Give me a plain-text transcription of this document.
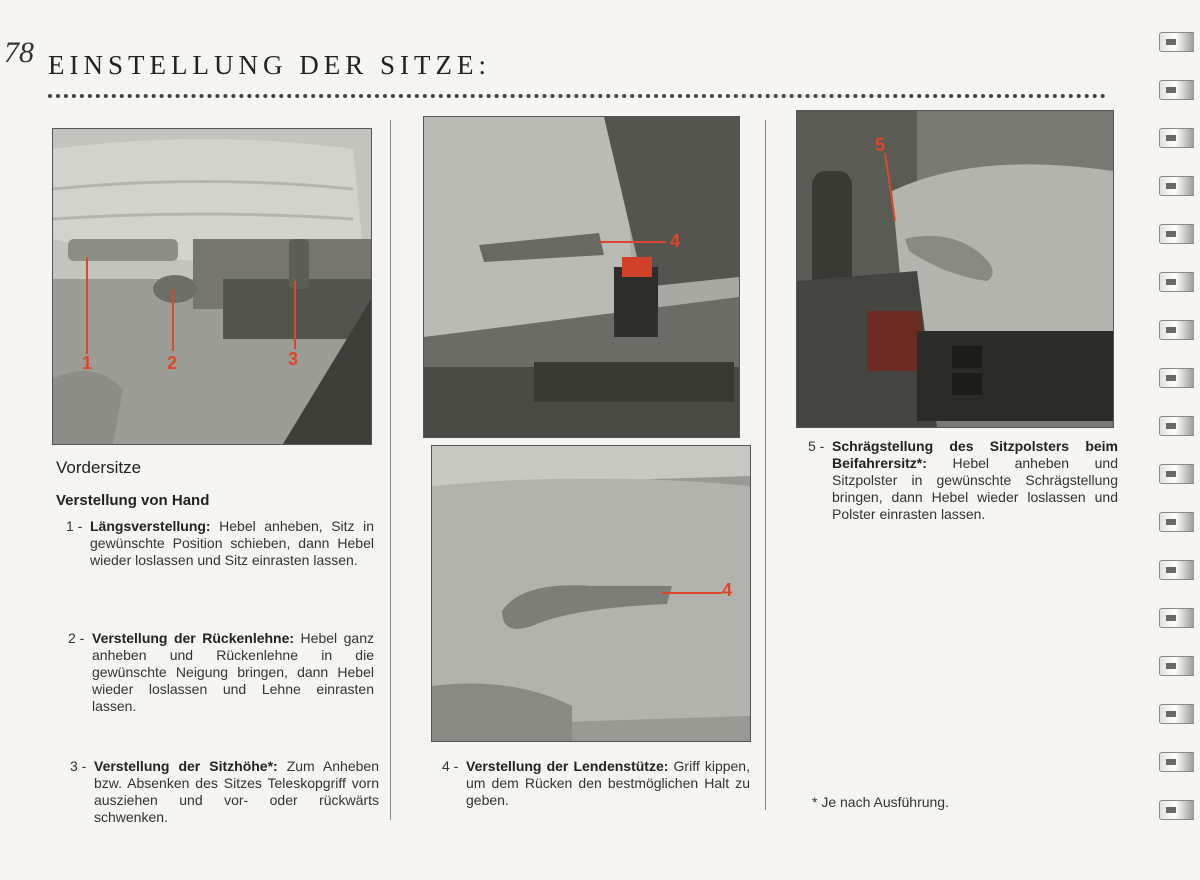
78 EINSTELLUNG DER SITZE:
1	2	3
4
4
5
Vordersitze
Verstellung von Hand
1 -	Längsverstellung: Hebel anheben, Sitz in gewünschte Position schieben, dann Hebel wieder loslassen und Sitz einrasten lassen.
2 -	Verstellung der Rückenlehne: Hebel ganz anheben und Rückenlehne in die gewünschte Neigung bringen, dann Hebel wieder loslassen und Lehne einrasten lassen.
3 -	Verstellung der Sitzhöhe*: Zum Anheben bzw. Absenken des Sitzes Teleskopgriff vorn ausziehen und vor- oder rückwärts schwenken.
4 -	Verstellung der Lendenstütze: Griff kippen, um dem Rücken den bestmöglichen Halt zu geben.
5 -	Schrägstellung des Sitzpolsters beim Beifahrersitz*: Hebel anheben und Sitzpolster in gewünschte Schrägstellung bringen, dann Hebel wieder loslassen und Polster einrasten lassen.
* Je nach Ausführung.
